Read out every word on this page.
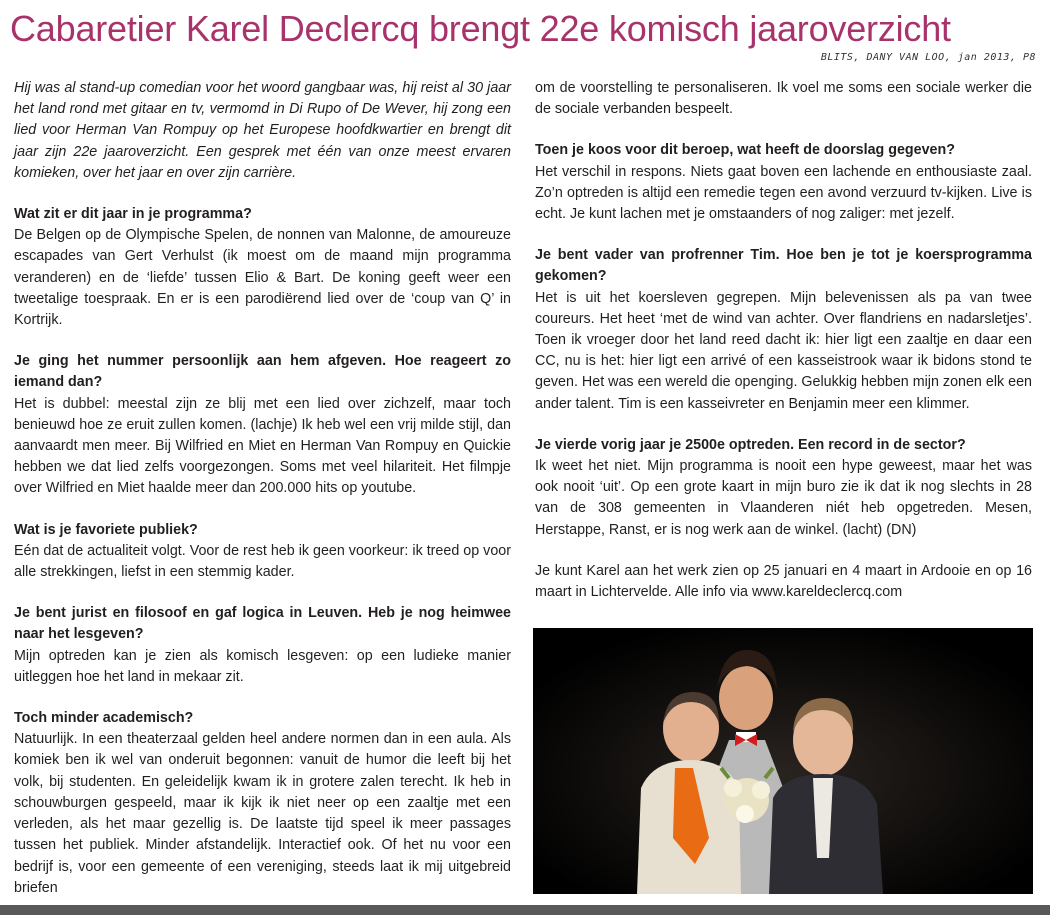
Cabaretier Karel Declercq brengt 22e komisch jaaroverzicht
BLITS, DANY VAN LOO, jan 2013, P8

Hij was al stand-up comedian voor het woord gangbaar was, hij reist al 30 jaar het land rond met gitaar en tv, vermomd in Di Rupo of De Wever, hij zong een lied voor Herman Van Rompuy op het Europese hoofdkwartier en brengt dit jaar zijn 22e jaaroverzicht. Een gesprek met één van onze meest ervaren komieken, over het jaar en over zijn carrière.

Wat zit er dit jaar in je programma?

De Belgen op de Olympische Spelen, de nonnen van Malonne, de amoureuze escapades van Gert Verhulst (ik moest om de maand mijn programma veranderen) en de ‘liefde’ tussen Elio & Bart. De koning geeft weer een tweetalige toespraak. En er is een parodiërend lied over de ‘coup van Q’ in Kortrijk.

Je ging het nummer persoonlijk aan hem afgeven. Hoe reageert zo iemand dan?

Het is dubbel: meestal zijn ze blij met een lied over zichzelf, maar toch benieuwd hoe ze eruit zullen komen. (lachje) Ik heb wel een vrij milde stijl, dan aanvaardt men meer. Bij Wilfried en Miet en Herman Van Rompuy en Quickie hebben we dat lied zelfs voorgezongen. Soms met veel hilariteit. Het filmpje over Wilfried en Miet haalde meer dan 200.000 hits op youtube.

Wat is je favoriete publiek?

Eén dat de actualiteit volgt. Voor de rest heb ik geen voorkeur: ik treed op voor alle strekkingen, liefst in een stemmig kader.

Je bent jurist en filosoof en gaf logica in Leuven. Heb je nog heimwee naar het lesgeven?

Mijn optreden kan je zien als komisch lesgeven: op een ludieke manier uitleggen hoe het land in mekaar zit.

Toch minder academisch?

Natuurlijk. In een theaterzaal gelden heel andere normen dan in een aula. Als komiek ben ik wel van onderuit begonnen: vanuit de humor die leeft bij het volk, bij studenten. En geleidelijk kwam ik in grotere zalen terecht. Ik heb in schouwburgen gespeeld, maar ik kijk ik niet neer op een zaaltje met een verleden, als het maar gezellig is. De laatste tijd speel ik meer passages tussen het publiek. Minder afstandelijk. Interactief ook. Of het nu voor een bedrijf is, voor een gemeente of een vereniging, steeds laat ik mij uitgebreid briefen

om de voorstelling te personaliseren. Ik voel me soms een sociale werker die de sociale verbanden bespeelt.

Toen je koos voor dit beroep, wat heeft de doorslag gegeven?

Het verschil in respons. Niets gaat boven een lachende en enthousiaste zaal. Zo’n optreden is altijd een remedie tegen een avond verzuurd tv-kijken. Live is echt. Je kunt lachen met je omstaanders of nog zaliger: met jezelf.

Je bent vader van profrenner Tim. Hoe ben je tot je koersprogramma gekomen?

Het is uit het koersleven gegrepen. Mijn belevenissen als pa van twee coureurs. Het heet ‘met de wind van achter. Over flandriens en nadarsletjes’. Toen ik vroeger door het land reed dacht ik: hier ligt een zaaltje en daar een CC, nu is het: hier ligt een arrivé of een kasseistrook waar ik bidons stond te geven. Het was een wereld die openging. Gelukkig hebben mijn zonen elk een ander talent. Tim is een kasseivreter en Benjamin meer een klimmer.

Je vierde vorig jaar je 2500e optreden. Een record in de sector?

Ik weet het niet. Mijn programma is nooit een hype geweest, maar het was ook nooit ‘uit’. Op een grote kaart in mijn buro zie ik dat ik nog slechts in 28 van de 308 gemeenten in Vlaanderen niét heb opgetreden. Mesen, Herstappe, Ranst, er is nog werk aan de winkel. (lacht) (DN)

Je kunt Karel aan het werk zien op 25 januari en 4 maart in Ardooie en op 16 maart in Lichtervelde. Alle info via www.kareldeclercq.com
